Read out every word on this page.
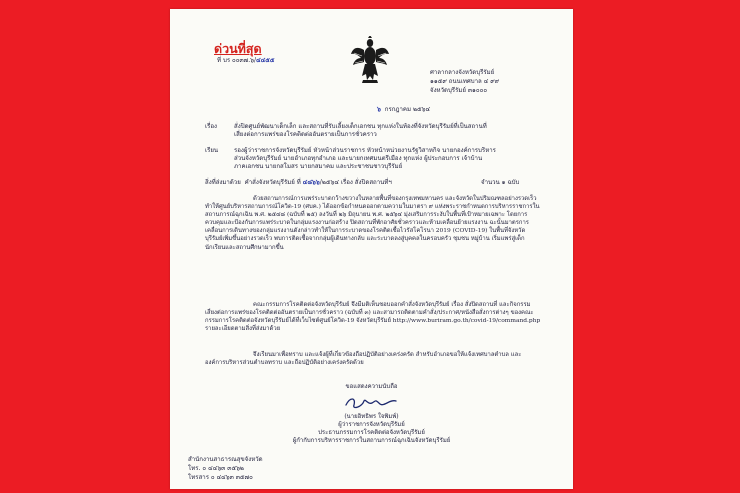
ด่วนที่สุด
ที่ บร ๐๐๓๗.๖/๔๔๕๕
ศาลากลางจังหวัดบุรีรัมย์
๑๑๕๙ ถนนเทศบาล ๔ ๙๙
จังหวัดบุรีรัมย์ ๓๑๐๐๐
๖ กรกฎาคม ๒๕๖๔
เรื่อง	สั่งปิดศูนย์พัฒนาเด็กเล็ก และสถานที่รับเลี้ยงเด็กเอกชน ทุกแห่งในท้องที่จังหวัดบุรีรัมย์ที่เป็นสถานที่
เสี่ยงต่อการแพร่ของโรคติดต่ออันตรายเป็นการชั่วคราว
เรียน	รองผู้ว่าราชการจังหวัดบุรีรัมย์ หัวหน้าส่วนราชการ หัวหน้าหน่วยงานรัฐวิสาหกิจ นายกองค์การบริหาร
ส่วนจังหวัดบุรีรัมย์ นายอำเภอทุกอำเภอ และนายกเทศมนตรีเมือง ทุกแห่ง ผู้ประกอบการ เจ้าบ้าน
ภาคเอกชน นายกสโมสร นายกสมาคม และประชาชนชาวบุรีรัมย์
สิ่งที่ส่งมาด้วย คำสั่งจังหวัดบุรีรัมย์ ที่ ๔๘๖๖/๒๕๖๔ เรื่อง สั่งปิดสถานที่ฯ	จำนวน ๑ ฉบับ
ด้วยสถานการณ์การแพร่ระบาดกว้างขวางในหลายพื้นที่ของกรุงเทพมหานคร และจังหวัดในปริมณฑลอย่างรวดเร็ว ทำให้ศูนย์บริหารสถานการณ์โควิด-19 (ศบค.) ได้ออกข้อกำหนดออกตามความในมาตรา ๙ แห่งพระราชกำหนดการบริหารราชการในสถานการณ์ฉุกเฉิน พ.ศ. ๒๕๔๘ (ฉบับที่ ๒๕) ลงวันที่ ๒๖ มิถุนายน พ.ศ. ๒๕๖๔ มุ่งเสริมการระงับในพื้นที่เป้าหมายเฉพาะ โดยการควบคุมและป้องกันการแพร่ระบาดในกลุ่มแรงงานก่อสร้าง ปิดสถานที่พักอาศัยชั่วคราวและห้ามเคลื่อนย้ายแรงงาน ฉะนั้นมาตรการเคลื่อนการเดินทางของกลุ่มแรงงานดังกล่าวทำให้ในการระบาดของโรคติดเชื้อไวรัสโคโรนา 2019 (COVID-19) ในพื้นที่จังหวัดบุรีรัมย์เพิ่มขึ้นอย่างรวดเร็ว พบการติดเชื้อจากกลุ่มผู้เดินทางกลับ และระบาดลงสู่บุคคลในครอบครัว ชุมชน หมู่บ้าน เริ่มแพร่สู่เด็ก นักเรียนและสถานศึกษามากขึ้น
คณะกรรมการโรคติดต่อจังหวัดบุรีรัมย์ จึงมีมติเห็นชอบออกคำสั่งจังหวัดบุรีรัมย์ เรื่อง สั่งปิดสถานที่ และกิจกรรมเสี่ยงต่อการแพร่ของโรคติดต่ออันตรายเป็นการชั่วคราว (ฉบับที่ ๓) และสามารถติดตามคำสั่ง/ประกาศ/หนังสือสั่งการต่างๆ ของคณะกรรมการโรคติดต่อจังหวัดบุรีรัมย์ได้ที่เว็บไซต์ศูนย์โควิด-19 จังหวัดบุรีรัมย์ http://www.buriram.go.th/covid-19/command.php รายละเอียดตามสิ่งที่ส่งมาด้วย
จึงเรียนมาเพื่อทราบ และแจ้งผู้ที่เกี่ยวข้องถือปฏิบัติอย่างเคร่งครัด สำหรับอำเภอขอให้แจ้งเทศบาลตำบล และองค์การบริหารส่วนตำบลทราบ และถือปฏิบัติอย่างเคร่งครัดด้วย
ขอแสดงความนับถือ
(นายอิทธิพร ใจพิมพ์)
ผู้ว่าราชการจังหวัดบุรีรัมย์
ประธานกรรมการโรคติดต่อจังหวัดบุรีรัมย์
ผู้กำกับการบริหารราชการในสถานการณ์ฉุกเฉินจังหวัดบุรีรัมย์
สำนักงานสาธารณสุขจังหวัด
โทร. ๐ ๔๔๖๓ ๓๕๖๒
โทรสาร ๐ ๔๔๖๓ ๓๕๗๐
